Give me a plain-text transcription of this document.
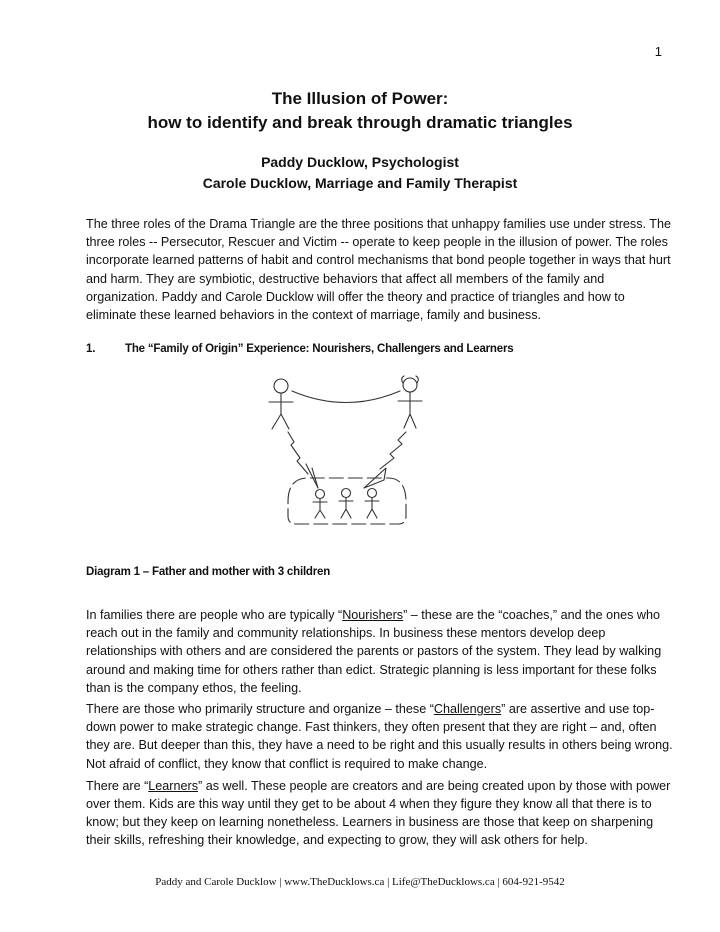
1
The Illusion of Power:
how to identify and break through dramatic triangles
Paddy Ducklow, Psychologist
Carole Ducklow, Marriage and Family Therapist

The three roles of the Drama Triangle are the three positions that unhappy families use under stress. The three roles -- Persecutor, Rescuer and Victim -- operate to keep people in the illusion of power. The roles incorporate learned patterns of habit and control mechanisms that bond people together in ways that hurt and harm. They are symbiotic, destructive behaviors that affect all members of the family and organization. Paddy and Carole Ducklow will offer the theory and practice of triangles and how to eliminate these learned behaviors in the context of marriage, family and business.

1.	The “Family of Origin” Experience: Nourishers, Challengers and Learners
Diagram 1 – Father and mother with 3 children

In families there are people who are typically “Nourishers” – these are the “coaches,” and the ones who reach out in the family and community relationships. In business these mentors develop deep relationships with others and are considered the parents or pastors of the system. They lead by walking around and making time for others rather than edict. Strategic planning is less important for these folks than is the company ethos, the feeling.

There are those who primarily structure and organize – these “Challengers” are assertive and use top-down power to make strategic change. Fast thinkers, they often present that they are right – and, often they are. But deeper than this, they have a need to be right and this usually results in others being wrong. Not afraid of conflict, they know that conflict is required to make change.

There are “Learners” as well. These people are creators and are being created upon by those with power over them. Kids are this way until they get to be about 4 when they figure they know all that there is to know; but they keep on learning nonetheless. Learners in business are those that keep on sharpening their skills, refreshing their knowledge, and expecting to grow, they will ask others for help.

Paddy and Carole Ducklow | www.TheDucklows.ca | Life@TheDucklows.ca | 604-921-9542
